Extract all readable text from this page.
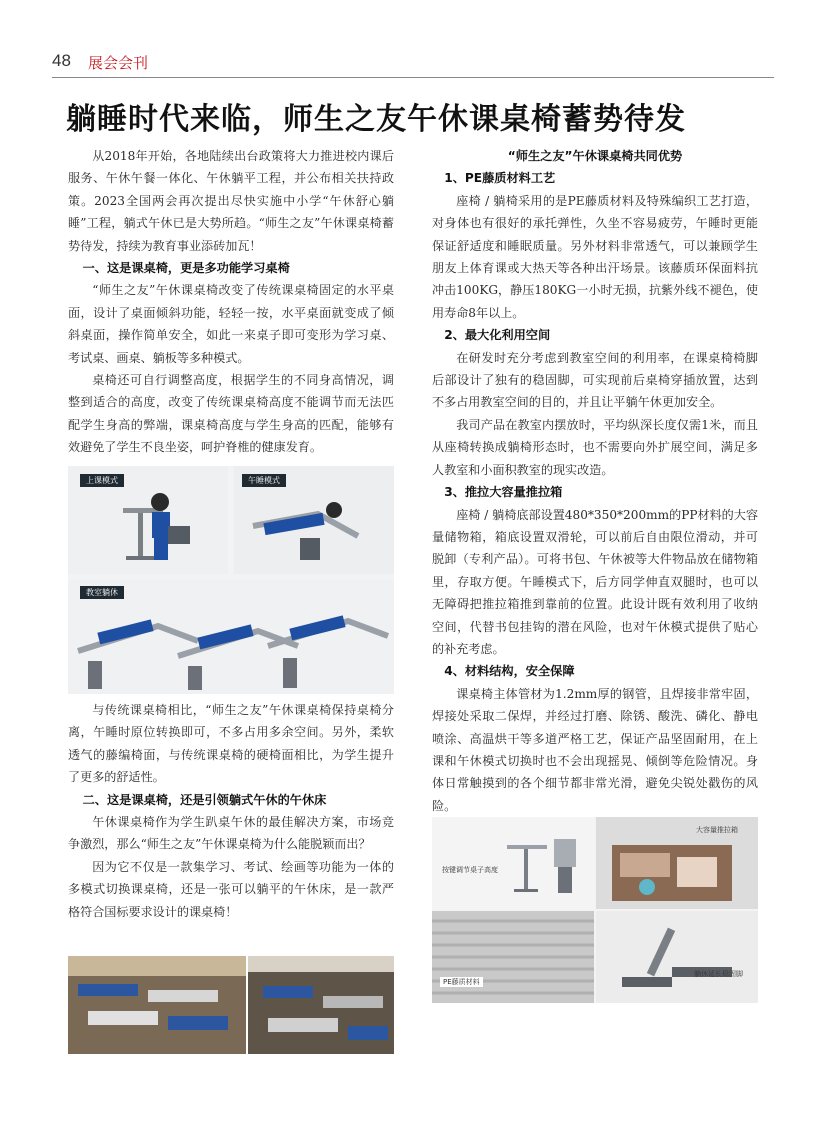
48 展会会刊
躺睡时代来临，师生之友午休课桌椅蓄势待发

从2018年开始，各地陆续出台政策将大力推进校内课后服务、午休午餐一体化、午休躺平工程，并公布相关扶持政策。2023全国两会再次提出尽快实施中小学“午休舒心躺睡”工程，躺式午休已是大势所趋。“师生之友”午休课桌椅蓄势待发，持续为教育事业添砖加瓦！

一、这是课桌椅，更是多功能学习桌椅

“师生之友”午休课桌椅改变了传统课桌椅固定的水平桌面，设计了桌面倾斜功能，轻轻一按，水平桌面就变成了倾斜桌面，操作简单安全，如此一来桌子即可变形为学习桌、考试桌、画桌、躺板等多种模式。

桌椅还可自行调整高度，根据学生的不同身高情况，调整到适合的高度，改变了传统课桌椅高度不能调节而无法匹配学生身高的弊端，课桌椅高度与学生身高的匹配，能够有效避免了学生不良坐姿，呵护脊椎的健康发育。

上课模式	午睡模式
教室躺休

与传统课桌椅相比，“师生之友”午休课桌椅保持桌椅分离，午睡时原位转换即可，不多占用多余空间。另外，柔软透气的藤编椅面，与传统课桌椅的硬椅面相比，为学生提升了更多的舒适性。

二、这是课桌椅，还是引领躺式午休的午休床

午休课桌椅作为学生趴桌午休的最佳解决方案，市场竞争激烈，那么“师生之友”午休课桌椅为什么能脱颖而出？

因为它不仅是一款集学习、考试、绘画等功能为一体的多模式切换课桌椅，还是一张可以躺平的午休床，是一款严格符合国标要求设计的课桌椅！

“师生之友”午休课桌椅共同优势

1、PE藤质材料工艺

座椅 / 躺椅采用的是PE藤质材料及特殊编织工艺打造，对身体也有很好的承托弹性，久坐不容易疲劳，午睡时更能保证舒适度和睡眠质量。另外材料非常透气，可以兼顾学生朋友上体育课或大热天等各种出汗场景。该藤质环保面料抗冲击100KG，静压180KG一小时无损，抗紫外线不褪色，使用寿命8年以上。

2、最大化利用空间

在研发时充分考虑到教室空间的利用率，在课桌椅椅脚后部设计了独有的稳固脚，可实现前后桌椅穿插放置，达到不多占用教室空间的目的，并且让平躺午休更加安全。

我司产品在教室内摆放时，平均纵深长度仅需1米，而且从座椅转换成躺椅形态时，也不需要向外扩展空间，满足多人教室和小面积教室的现实改造。

3、推拉大容量推拉箱

座椅 / 躺椅底部设置480*350*200mm的PP材料的大容量储物箱，箱底设置双滑轮，可以前后自由限位滑动，并可脱卸（专利产品）。可将书包、午休被等大件物品放在储物箱里，存取方便。午睡模式下，后方同学伸直双腿时，也可以无障碍把推拉箱推到靠前的位置。此设计既有效利用了收纳空间，代替书包挂钩的潜在风险，也对午休模式提供了贴心的补充考虑。

4、材料结构，安全保障

课桌椅主体管材为1.2mm厚的钢管，且焊接非常牢固，焊接处采取二保焊，并经过打磨、除锈、酸洗、磷化、静电喷涂、高温烘干等多道严格工艺，保证产品坚固耐用，在上课和午休模式切换时也不会出现摇晃、倾倒等危险情况。身体日常触摸到的各个细节都非常光滑，避免尖锐处戳伤的风险。

按键调节桌子高度
大容量推拉箱
PE藤质材料
躺休延长稳固脚
